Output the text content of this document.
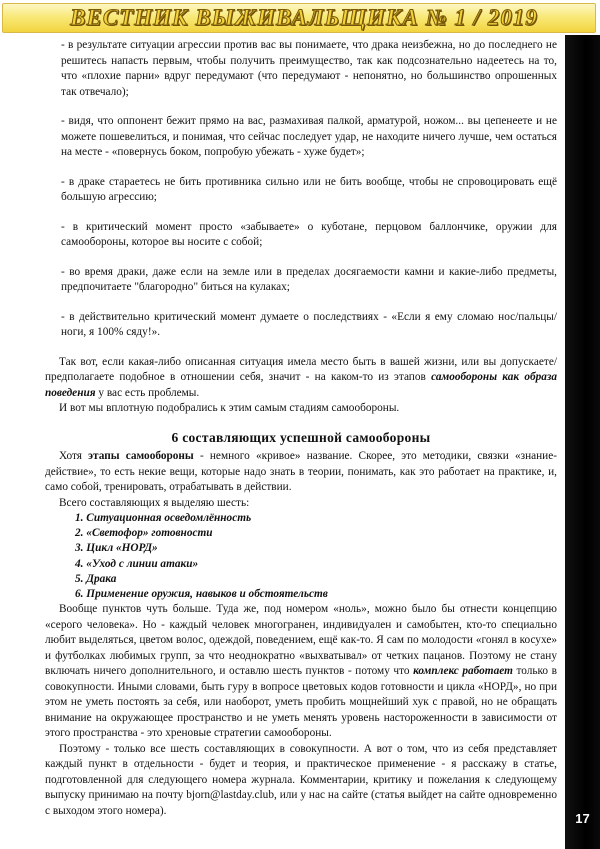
ВЕСТНИК ВЫЖИВАЛЬЩИКА № 1 / 2019
17

- в результате ситуации агрессии против вас вы понимаете, что драка неизбежна, но до последнего не решитесь напасть первым, чтобы получить преимущество, так как подсознательно надеетесь на то, что «плохие парни» вдруг передумают (что передумают - непонятно, но большинство опрошенных так отвечало);

- видя, что оппонент бежит прямо на вас, размахивая палкой, арматурой, ножом... вы цепенеете и не можете пошевелиться, и понимая, что сейчас последует удар, не находите ничего лучше, чем остаться на месте - «повернусь боком, попробую убежать - хуже будет»;

- в драке стараетесь не бить противника сильно или не бить вообще, чтобы не спровоцировать ещё большую агрессию;

- в критический момент просто «забываете» о куботане, перцовом баллончике, оружии для самообороны, которое вы носите с собой;

- во время драки, даже если на земле или в пределах досягаемости камни и какие-либо предметы, предпочитаете "благородно" биться на кулаках;

- в действительно критический момент думаете о последствиях - «Если я ему сломаю нос/пальцы/ноги, я 100% сяду!».

Так вот, если какая-либо описанная ситуация имела место быть в вашей жизни, или вы допускаете/предполагаете подобное в отношении себя, значит - на каком-то из этапов самообороны как образа поведения у вас есть проблемы.

И вот мы вплотную подобрались к этим самым стадиям самообороны.

6 составляющих успешной самообороны

Хотя этапы самообороны - немного «кривое» название. Скорее, это методики, связки «знание-действие», то есть некие вещи, которые надо знать в теории, понимать, как это работает на практике, и, само собой, тренировать, отрабатывать в действии.

Всего составляющих я выделяю шесть:

1. Ситуационная осведомлённость
2. «Светофор» готовности
3. Цикл «НОРД»
4. «Уход с линии атаки»
5. Драка
6. Применение оружия, навыков и обстоятельств

Вообще пунктов чуть больше. Туда же, под номером «ноль», можно было бы отнести концепцию «серого человека». Но - каждый человек многогранен, индивидуален и самобытен, кто-то специально любит выделяться, цветом волос, одеждой, поведением, ещё как-то. Я сам по молодости «гонял в косухе» и футболках любимых групп, за что неоднократно «выхватывал» от четких пацанов. Поэтому не стану включать ничего дополнительного, и оставлю шесть пунктов - потому что комплекс работает только в совокупности. Иными словами, быть гуру в вопросе цветовых кодов готовности и цикла «НОРД», но при этом не уметь постоять за себя, или наоборот, уметь пробить мощнейший хук с правой, но не обращать внимание на окружающее пространство и не уметь менять уровень настороженности в зависимости от этого пространства - это хреновые стратегии самообороны.

Поэтому - только все шесть составляющих в совокупности. А вот о том, что из себя представляет каждый пункт в отдельности - будет и теория, и практическое применение - я расскажу в статье, подготовленной для следующего номера журнала. Комментарии, критику и пожелания к следующему выпуску принимаю на почту bjorn@lastday.club, или у нас на сайте (статья выйдет на сайте одновременно с выходом этого номера).
